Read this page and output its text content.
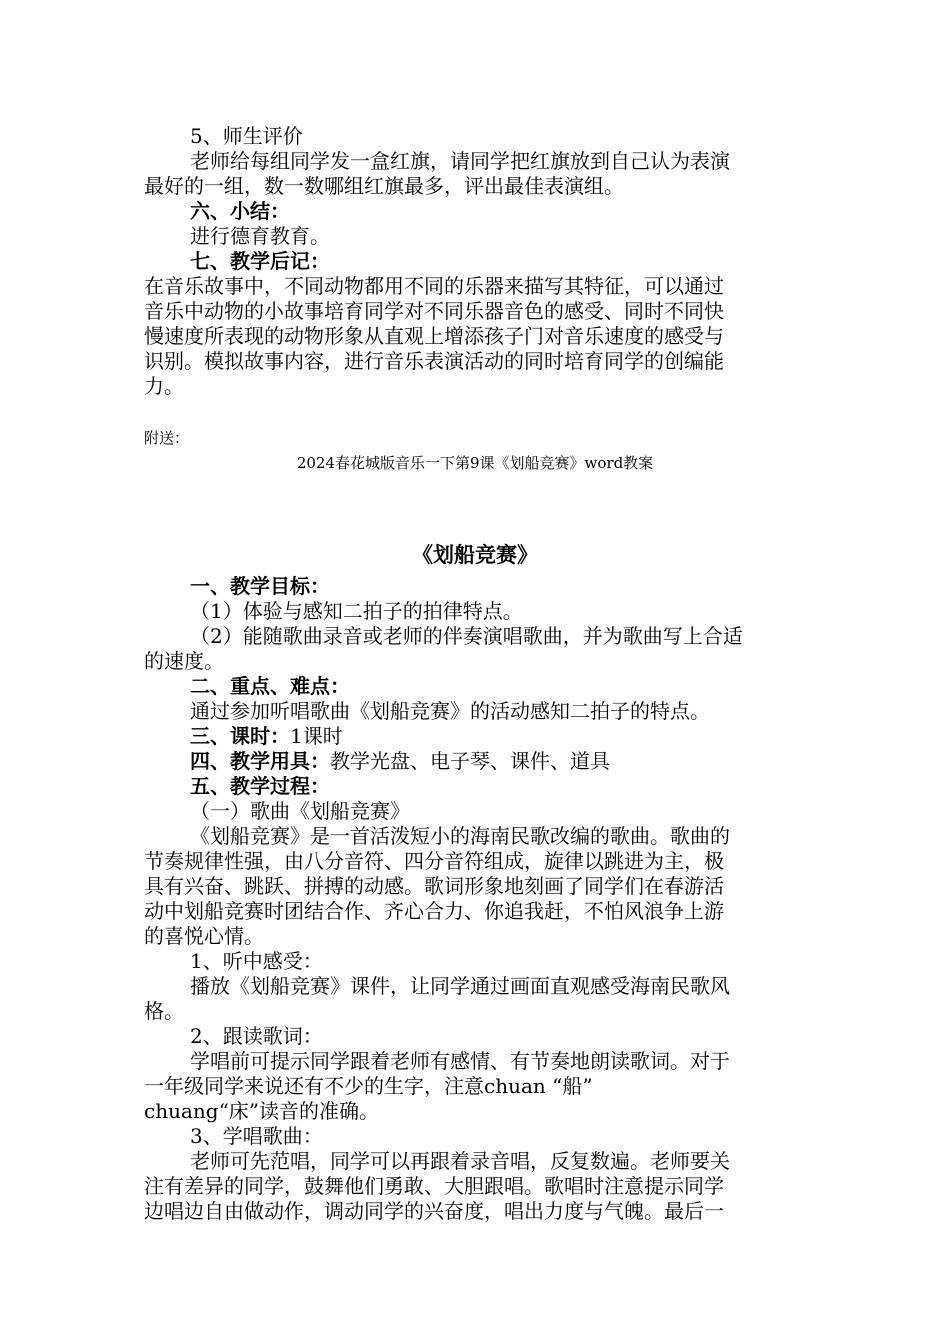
5、师生评价
老师给每组同学发一盒红旗，请同学把红旗放到自己认为表演
最好的一组，数一数哪组红旗最多，评出最佳表演组。
六、小结：
进行德育教育。
七、教学后记：
在音乐故事中，不同动物都用不同的乐器来描写其特征，可以通过
音乐中动物的小故事培育同学对不同乐器音色的感受、同时不同快
慢速度所表现的动物形象从直观上增添孩子门对音乐速度的感受与
识别。模拟故事内容，进行音乐表演活动的同时培育同学的创编能
力。
附送：
2024春花城版音乐一下第9课《划船竞赛》word教案
《划船竞赛》
一、教学目标：
（1）体验与感知二拍子的拍律特点。
（2）能随歌曲录音或老师的伴奏演唱歌曲，并为歌曲写上合适
的速度。
二、重点、难点：
通过参加听唱歌曲《划船竞赛》的活动感知二拍子的特点。
三、课时：1课时
四、教学用具：教学光盘、电子琴、课件、道具
五、教学过程：
（一）歌曲《划船竞赛》
《划船竞赛》是一首活泼短小的海南民歌改编的歌曲。歌曲的
节奏规律性强，由八分音符、四分音符组成，旋律以跳进为主，极
具有兴奋、跳跃、拼搏的动感。歌词形象地刻画了同学们在春游活
动中划船竞赛时团结合作、齐心合力、你追我赶，不怕风浪争上游
的喜悦心情。
1、听中感受：
播放《划船竞赛》课件，让同学通过画面直观感受海南民歌风
格。
2、跟读歌词：
学唱前可提示同学跟着老师有感情、有节奏地朗读歌词。对于
一年级同学来说还有不少的生字，注意chuan “船”
chuang“床”读音的准确。
3、学唱歌曲：
老师可先范唱，同学可以再跟着录音唱，反复数遍。老师要关
注有差异的同学，鼓舞他们勇敢、大胆跟唱。歌唱时注意提示同学
边唱边自由做动作，调动同学的兴奋度，唱出力度与气魄。最后一
